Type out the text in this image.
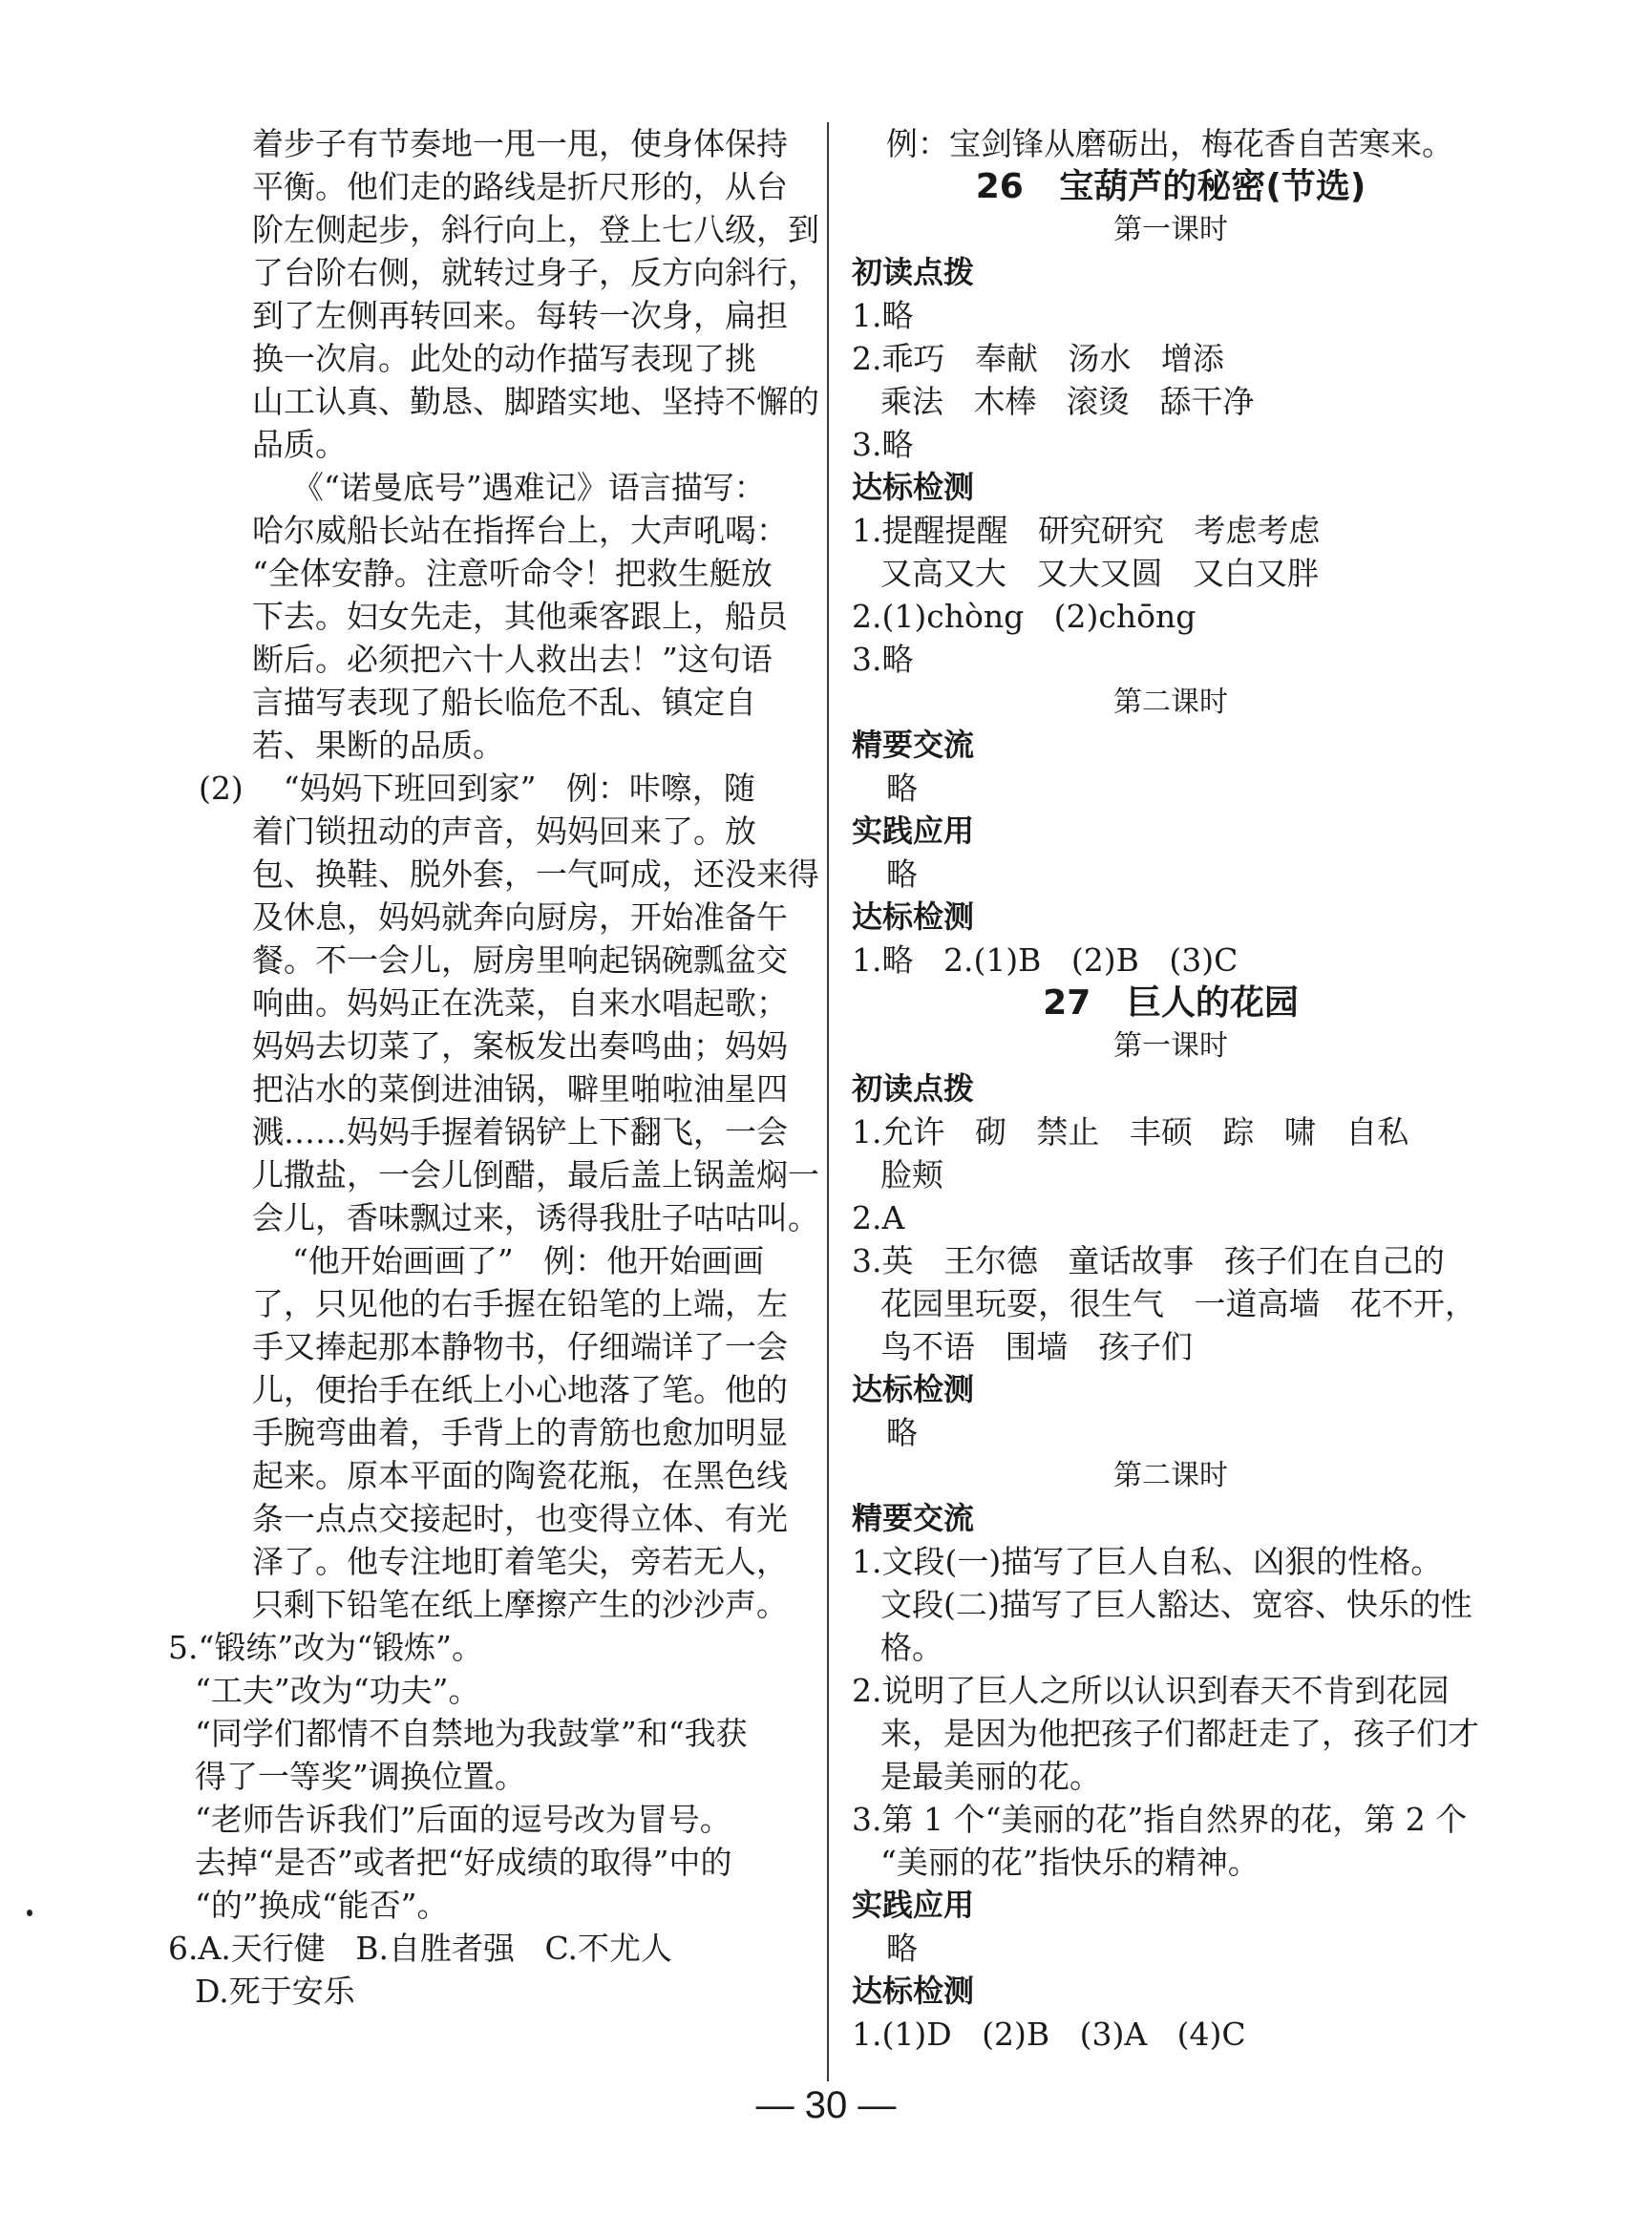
着步子有节奏地一甩一甩，使身体保持
平衡。他们走的路线是折尺形的，从台
阶左侧起步，斜行向上，登上七八级，到
了台阶右侧，就转过身子，反方向斜行，
到了左侧再转回来。每转一次身，扁担
换一次肩。此处的动作描写表现了挑
山工认真、勤恳、脚踏实地、坚持不懈的
品质。
《“诺曼底号”遇难记》语言描写：
哈尔威船长站在指挥台上，大声吼喝：
“全体安静。注意听命令！把救生艇放
下去。妇女先走，其他乘客跟上，船员
断后。必须把六十人救出去！”这句语
言描写表现了船长临危不乱、镇定自
若、果断的品质。
(2)    “妈妈下班回到家”   例：咔嚓，随
着门锁扭动的声音，妈妈回来了。放
包、换鞋、脱外套，一气呵成，还没来得
及休息，妈妈就奔向厨房，开始准备午
餐。不一会儿，厨房里响起锅碗瓢盆交
响曲。妈妈正在洗菜，自来水唱起歌；
妈妈去切菜了，案板发出奏鸣曲；妈妈
把沾水的菜倒进油锅，噼里啪啦油星四
溅……妈妈手握着锅铲上下翻飞，一会
儿撒盐，一会儿倒醋，最后盖上锅盖焖一
会儿，香味飘过来，诱得我肚子咕咕叫。
“他开始画画了”   例：他开始画画
了，只见他的右手握在铅笔的上端，左
手又捧起那本静物书，仔细端详了一会
儿，便抬手在纸上小心地落了笔。他的
手腕弯曲着，手背上的青筋也愈加明显
起来。原本平面的陶瓷花瓶，在黑色线
条一点点交接起时，也变得立体、有光
泽了。他专注地盯着笔尖，旁若无人，
只剩下铅笔在纸上摩擦产生的沙沙声。
5.“锻练”改为“锻炼”。
“工夫”改为“功夫”。
“同学们都情不自禁地为我鼓掌”和“我获
得了一等奖”调换位置。
“老师告诉我们”后面的逗号改为冒号。
去掉“是否”或者把“好成绩的取得”中的
“的”换成“能否”。
6.A.天行健   B.自胜者强   C.不尤人
D.死于安乐
例：宝剑锋从磨砺出，梅花香自苦寒来。
26   宝葫芦的秘密(节选)
第一课时
初读点拨
1.略
2.乖巧   奉献   汤水   增添
乘法   木棒   滚烫   舔干净
3.略
达标检测
1.提醒提醒   研究研究   考虑考虑
又高又大   又大又圆   又白又胖
2.(1)chòng   (2)chōng
3.略
第二课时
精要交流
略
实践应用
略
达标检测
1.略   2.(1)B   (2)B   (3)C
27   巨人的花园
第一课时
初读点拨
1.允许   砌   禁止   丰硕   踪   啸   自私
脸颊
2.A
3.英   王尔德   童话故事   孩子们在自己的
花园里玩耍，很生气   一道高墙   花不开，
鸟不语   围墙   孩子们
达标检测
略
第二课时
精要交流
1.文段(一)描写了巨人自私、凶狠的性格。
文段(二)描写了巨人豁达、宽容、快乐的性
格。
2.说明了巨人之所以认识到春天不肯到花园
来，是因为他把孩子们都赶走了，孩子们才
是最美丽的花。
3.第 1 个“美丽的花”指自然界的花，第 2 个
“美丽的花”指快乐的精神。
实践应用
略
达标检测
1.(1)D   (2)B   (3)A   (4)C
— 30 —
